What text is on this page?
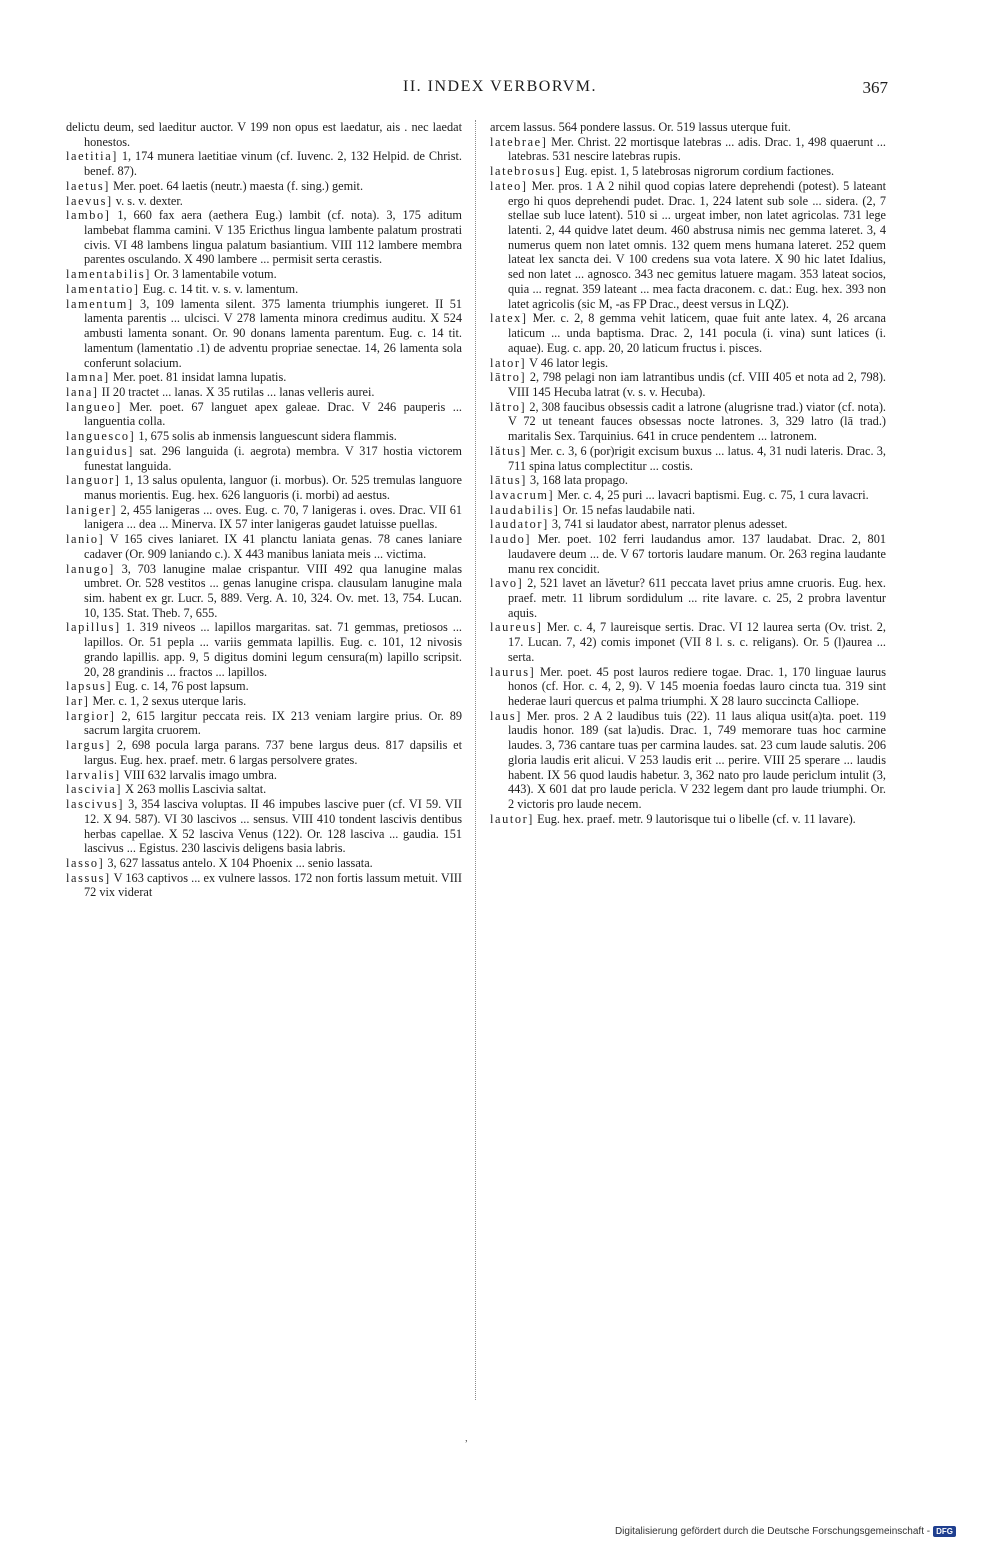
II. INDEX VERBORVM.	367

delictu deum, sed laeditur auctor. V 199 non opus est laedatur, ais . nec laedat honestos.

laetitia] 1, 174 munera laetitiae vinum (cf. Iuvenc. 2, 132 Helpid. de Christ. benef. 87).

laetus] Mer. poet. 64 laetis (neutr.) maesta (f. sing.) gemit.

laevus] v. s. v. dexter.

lambo] 1, 660 fax aera (aethera Eug.) lambit (cf. nota). 3, 175 aditum lambebat flamma camini. V 135 Ericthus lingua lambente palatum prostrati civis. VI 48 lambens lingua palatum basiantium. VIII 112 lambere membra parentes osculando. X 490 lambere ... permisit serta cerastis.

lamentabilis] Or. 3 lamentabile votum.

lamentatio] Eug. c. 14 tit. v. s. v. lamentum.

lamentum] 3, 109 lamenta silent. 375 lamenta triumphis iungeret. II 51 lamenta parentis ... ulcisci. V 278 lamenta minora credimus auditu. X 524 ambusti lamenta sonant. Or. 90 donans lamenta parentum. Eug. c. 14 tit. lamentum (lamentatio .1) de adventu propriae senectae. 14, 26 lamenta sola conferunt solacium.

lamna] Mer. poet. 81 insidat lamna lupatis.

lana] II 20 tractet ... lanas. X 35 rutilas ... lanas velleris aurei.

langueo] Mer. poet. 67 languet apex galeae. Drac. V 246 pauperis ... languentia colla.

languesco] 1, 675 solis ab inmensis languescunt sidera flammis.

languidus] sat. 296 languida (i. aegrota) membra. V 317 hostia victorem funestat languida.

languor] 1, 13 salus opulenta, languor (i. morbus). Or. 525 tremulas languore manus morientis. Eug. hex. 626 languoris (i. morbi) ad aestus.

laniger] 2, 455 lanigeras ... oves. Eug. c. 70, 7 lanigeras i. oves. Drac. VII 61 lanigera ... dea ... Minerva. IX 57 inter lanigeras gaudet latuisse puellas.

lanio] V 165 cives laniaret. IX 41 planctu laniata genas. 78 canes laniare cadaver (Or. 909 laniando c.). X 443 manibus laniata meis ... victima.

lanugo] 3, 703 lanugine malae crispantur. VIII 492 qua lanugine malas umbret. Or. 528 vestitos ... genas lanugine crispa. clausulam lanugine mala sim. habent ex gr. Lucr. 5, 889. Verg. A. 10, 324. Ov. met. 13, 754. Lucan. 10, 135. Stat. Theb. 7, 655.

lapillus] 1. 319 niveos ... lapillos margaritas. sat. 71 gemmas, pretiosos ... lapillos. Or. 51 pepla ... variis gemmata lapillis. Eug. c. 101, 12 nivosis grando lapillis. app. 9, 5 digitus domini legum censura(m) lapillo scripsit. 20, 28 grandinis ... fractos ... lapillos.

lapsus] Eug. c. 14, 76 post lapsum.

lar] Mer. c. 1, 2 sexus uterque laris.

largior] 2, 615 largitur peccata reis. IX 213 veniam largire prius. Or. 89 sacrum largita cruorem.

largus] 2, 698 pocula larga parans. 737 bene largus deus. 817 dapsilis et largus. Eug. hex. praef. metr. 6 largas persolvere grates.

larvalis] VIII 632 larvalis imago umbra.

lascivia] X 263 mollis Lascivia saltat.

lascivus] 3, 354 lasciva voluptas. II 46 impubes lascive puer (cf. VI 59. VII 12. X 94. 587). VI 30 lascivos ... sensus. VIII 410 tondent lascivis dentibus herbas capellae. X 52 lasciva Venus (122). Or. 128 lasciva ... gaudia. 151 lascivus ... Egistus. 230 lascivis deligens basia labris.

lasso] 3, 627 lassatus antelo. X 104 Phoenix ... senio lassata.

lassus] V 163 captivos ... ex vulnere lassos. 172 non fortis lassum metuit. VIII 72 vix viderat

arcem lassus. 564 pondere lassus. Or. 519 lassus uterque fuit.

latebrae] Mer. Christ. 22 mortisque latebras ... adis. Drac. 1, 498 quaerunt ... latebras. 531 nescire latebras rupis.

latebrosus] Eug. epist. 1, 5 latebrosas nigrorum cordium factiones.

lateo] Mer. pros. 1 A 2 nihil quod copias latere deprehendi (potest). 5 lateant ergo hi quos deprehendi pudet. Drac. 1, 224 latent sub sole ... sidera. (2, 7 stellae sub luce latent). 510 si ... urgeat imber, non latet agricolas. 731 lege latenti. 2, 44 quidve latet deum. 460 abstrusa nimis nec gemma lateret. 3, 4 numerus quem non latet omnis. 132 quem mens humana lateret. 252 quem lateat lex sancta dei. V 100 credens sua vota latere. X 90 hic latet Idalius, sed non latet ... agnosco. 343 nec gemitus latuere magam. 353 lateat socios, quia ... regnat. 359 lateant ... mea facta draconem. c. dat.: Eug. hex. 393 non latet agricolis (sic M, -as FP Drac., deest versus in LQZ).

latex] Mer. c. 2, 8 gemma vehit laticem, quae fuit ante latex. 4, 26 arcana laticum ... unda baptisma. Drac. 2, 141 pocula (i. vina) sunt latices (i. aquae). Eug. c. app. 20, 20 laticum fructus i. pisces.

lator] V 46 lator legis.

lātro] 2, 798 pelagi non iam latrantibus undis (cf. VIII 405 et nota ad 2, 798). VIII 145 Hecuba latrat (v. s. v. Hecuba).

lătro] 2, 308 faucibus obsessis cadit a latrone (alugrisne trad.) viator (cf. nota). V 72 ut teneant fauces obsessas nocte latrones. 3, 329 latro (lā trad.) maritalis Sex. Tarquinius. 641 in cruce pendentem ... latronem.

lătus] Mer. c. 3, 6 (por)rigit excisum buxus ... latus. 4, 31 nudi lateris. Drac. 3, 711 spina latus complectitur ... costis.

lātus] 3, 168 lata propago.

lavacrum] Mer. c. 4, 25 puri ... lavacri baptismi. Eug. c. 75, 1 cura lavacri.

laudabilis] Or. 15 nefas laudabile nati.

laudator] 3, 741 si laudator abest, narrator plenus adesset.

laudo] Mer. poet. 102 ferri laudandus amor. 137 laudabat. Drac. 2, 801 laudavere deum ... de. V 67 tortoris laudare manum. Or. 263 regina laudante manu rex concidit.

lavo] 2, 521 lavet an lăvetur? 611 peccata lavet prius amne cruoris. Eug. hex. praef. metr. 11 librum sordidulum ... rite lavare. c. 25, 2 probra laventur aquis.

laureus] Mer. c. 4, 7 laureisque sertis. Drac. VI 12 laurea serta (Ov. trist. 2, 17. Lucan. 7, 42) comis imponet (VII 8 l. s. c. religans). Or. 5 (l)aurea ... serta.

laurus] Mer. poet. 45 post lauros rediere togae. Drac. 1, 170 linguae laurus honos (cf. Hor. c. 4, 2, 9). V 145 moenia foedas lauro cincta tua. 319 sint hederae lauri quercus et palma triumphi. X 28 lauro succincta Calliope.

laus] Mer. pros. 2 A 2 laudibus tuis (22). 11 laus aliqua usit(a)ta. poet. 119 laudis honor. 189 (sat la)udis. Drac. 1, 749 memorare tuas hoc carmine laudes. 3, 736 cantare tuas per carmina laudes. sat. 23 cum laude salutis. 206 gloria laudis erit alicui. V 253 laudis erit ... perire. VIII 25 sperare ... laudis habent. IX 56 quod laudis habetur. 3, 362 nato pro laude periclum intulit (3, 443). X 601 dat pro laude pericla. V 232 legem dant pro laude triumphi. Or. 2 victoris pro laude necem.

lautor] Eug. hex. praef. metr. 9 lautorisque tui o libelle (cf. v. 11 lavare).

,
Digitalisierung gefördert durch die Deutsche Forschungsgemeinschaft - DFG
